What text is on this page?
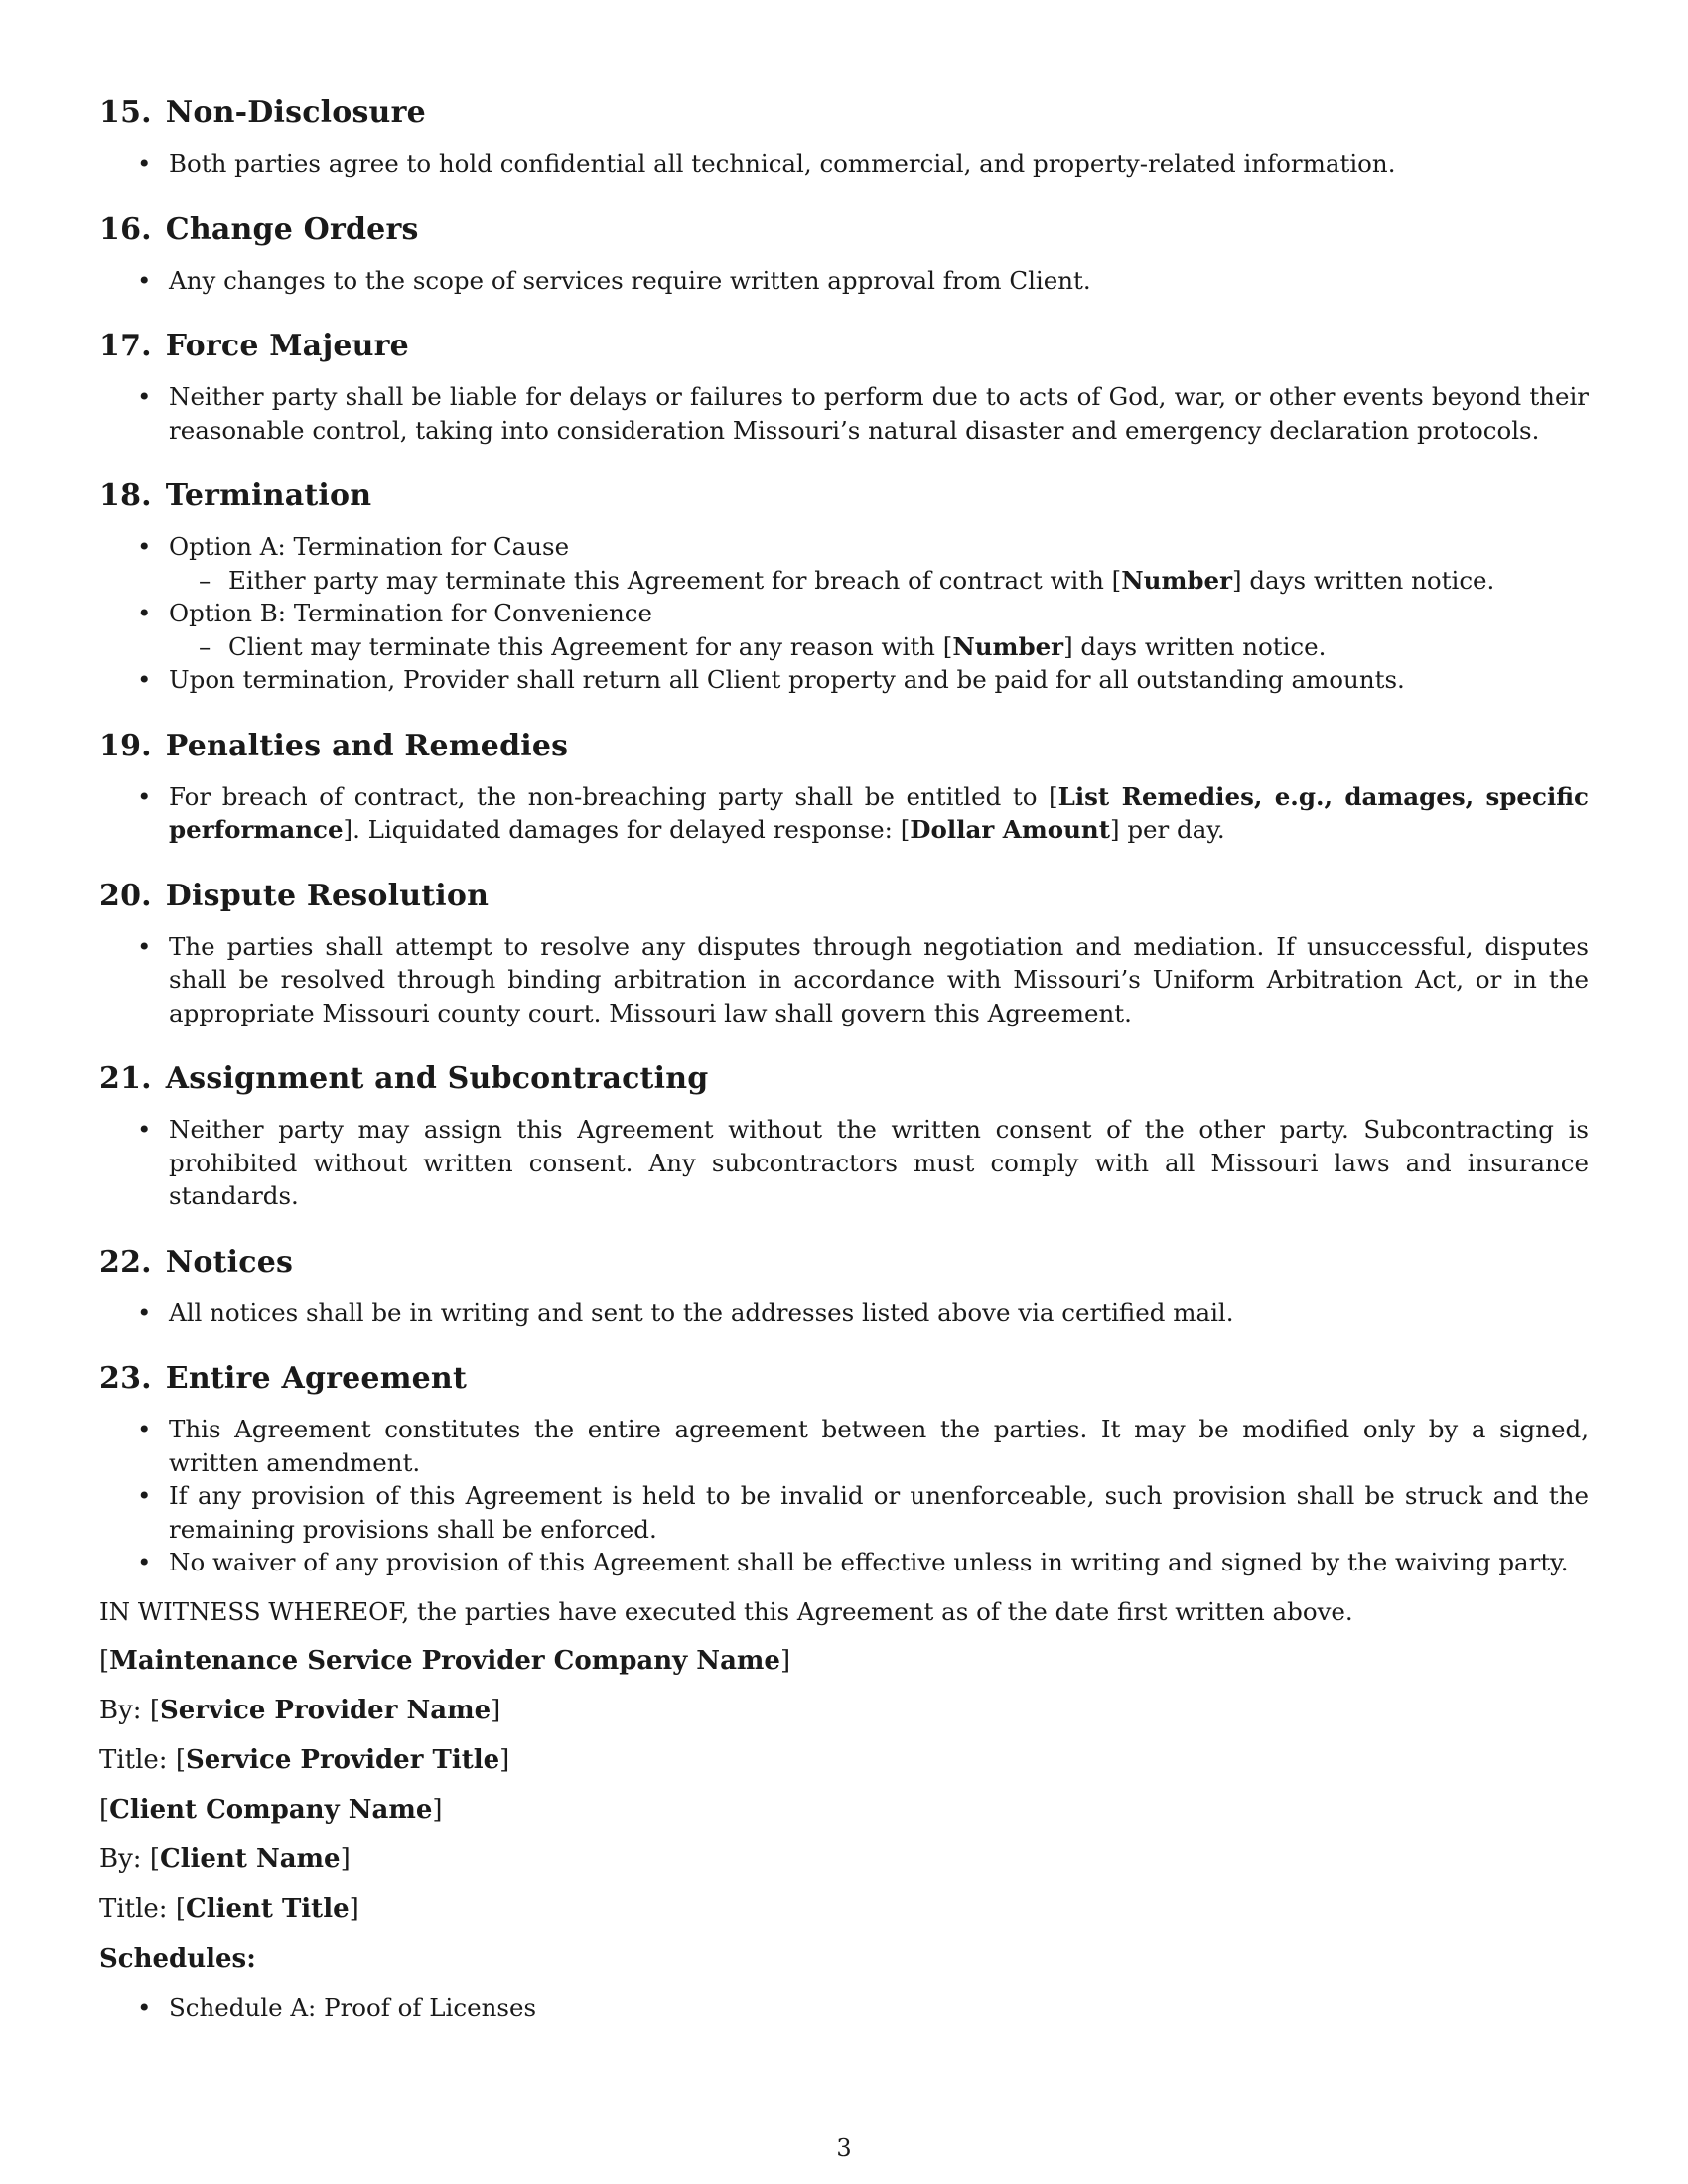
15. Non-Disclosure
• Both parties agree to hold confidential all technical, commercial, and property-related information.
16. Change Orders
• Any changes to the scope of services require written approval from Client.
17. Force Majeure
• Neither party shall be liable for delays or failures to perform due to acts of God, war, or other events beyond their reasonable control, taking into consideration Missouri’s natural disaster and emergency declaration protocols.
18. Termination
• Option A: Termination for Cause
– Either party may terminate this Agreement for breach of contract with [Number] days written notice.
• Option B: Termination for Convenience
– Client may terminate this Agreement for any reason with [Number] days written notice.
• Upon termination, Provider shall return all Client property and be paid for all outstanding amounts.
19. Penalties and Remedies
• For breach of contract, the non-breaching party shall be entitled to [List Remedies, e.g., damages, specific performance]. Liquidated damages for delayed response: [Dollar Amount] per day.
20. Dispute Resolution
• The parties shall attempt to resolve any disputes through negotiation and mediation. If unsuccessful, disputes shall be resolved through binding arbitration in accordance with Missouri’s Uniform Arbitration Act, or in the appropriate Missouri county court. Missouri law shall govern this Agreement.
21. Assignment and Subcontracting
• Neither party may assign this Agreement without the written consent of the other party. Subcontracting is prohibited without written consent. Any subcontractors must comply with all Missouri laws and insurance standards.
22. Notices
• All notices shall be in writing and sent to the addresses listed above via certified mail.
23. Entire Agreement
• This Agreement constitutes the entire agreement between the parties. It may be modified only by a signed, written amendment.
• If any provision of this Agreement is held to be invalid or unenforceable, such provision shall be struck and the remaining provisions shall be enforced.
• No waiver of any provision of this Agreement shall be effective unless in writing and signed by the waiving party.

IN WITNESS WHEREOF, the parties have executed this Agreement as of the date first written above.

[Maintenance Service Provider Company Name]
By: [Service Provider Name]
Title: [Service Provider Title]
[Client Company Name]
By: [Client Name]
Title: [Client Title]
Schedules:
• Schedule A: Proof of Licenses
3
